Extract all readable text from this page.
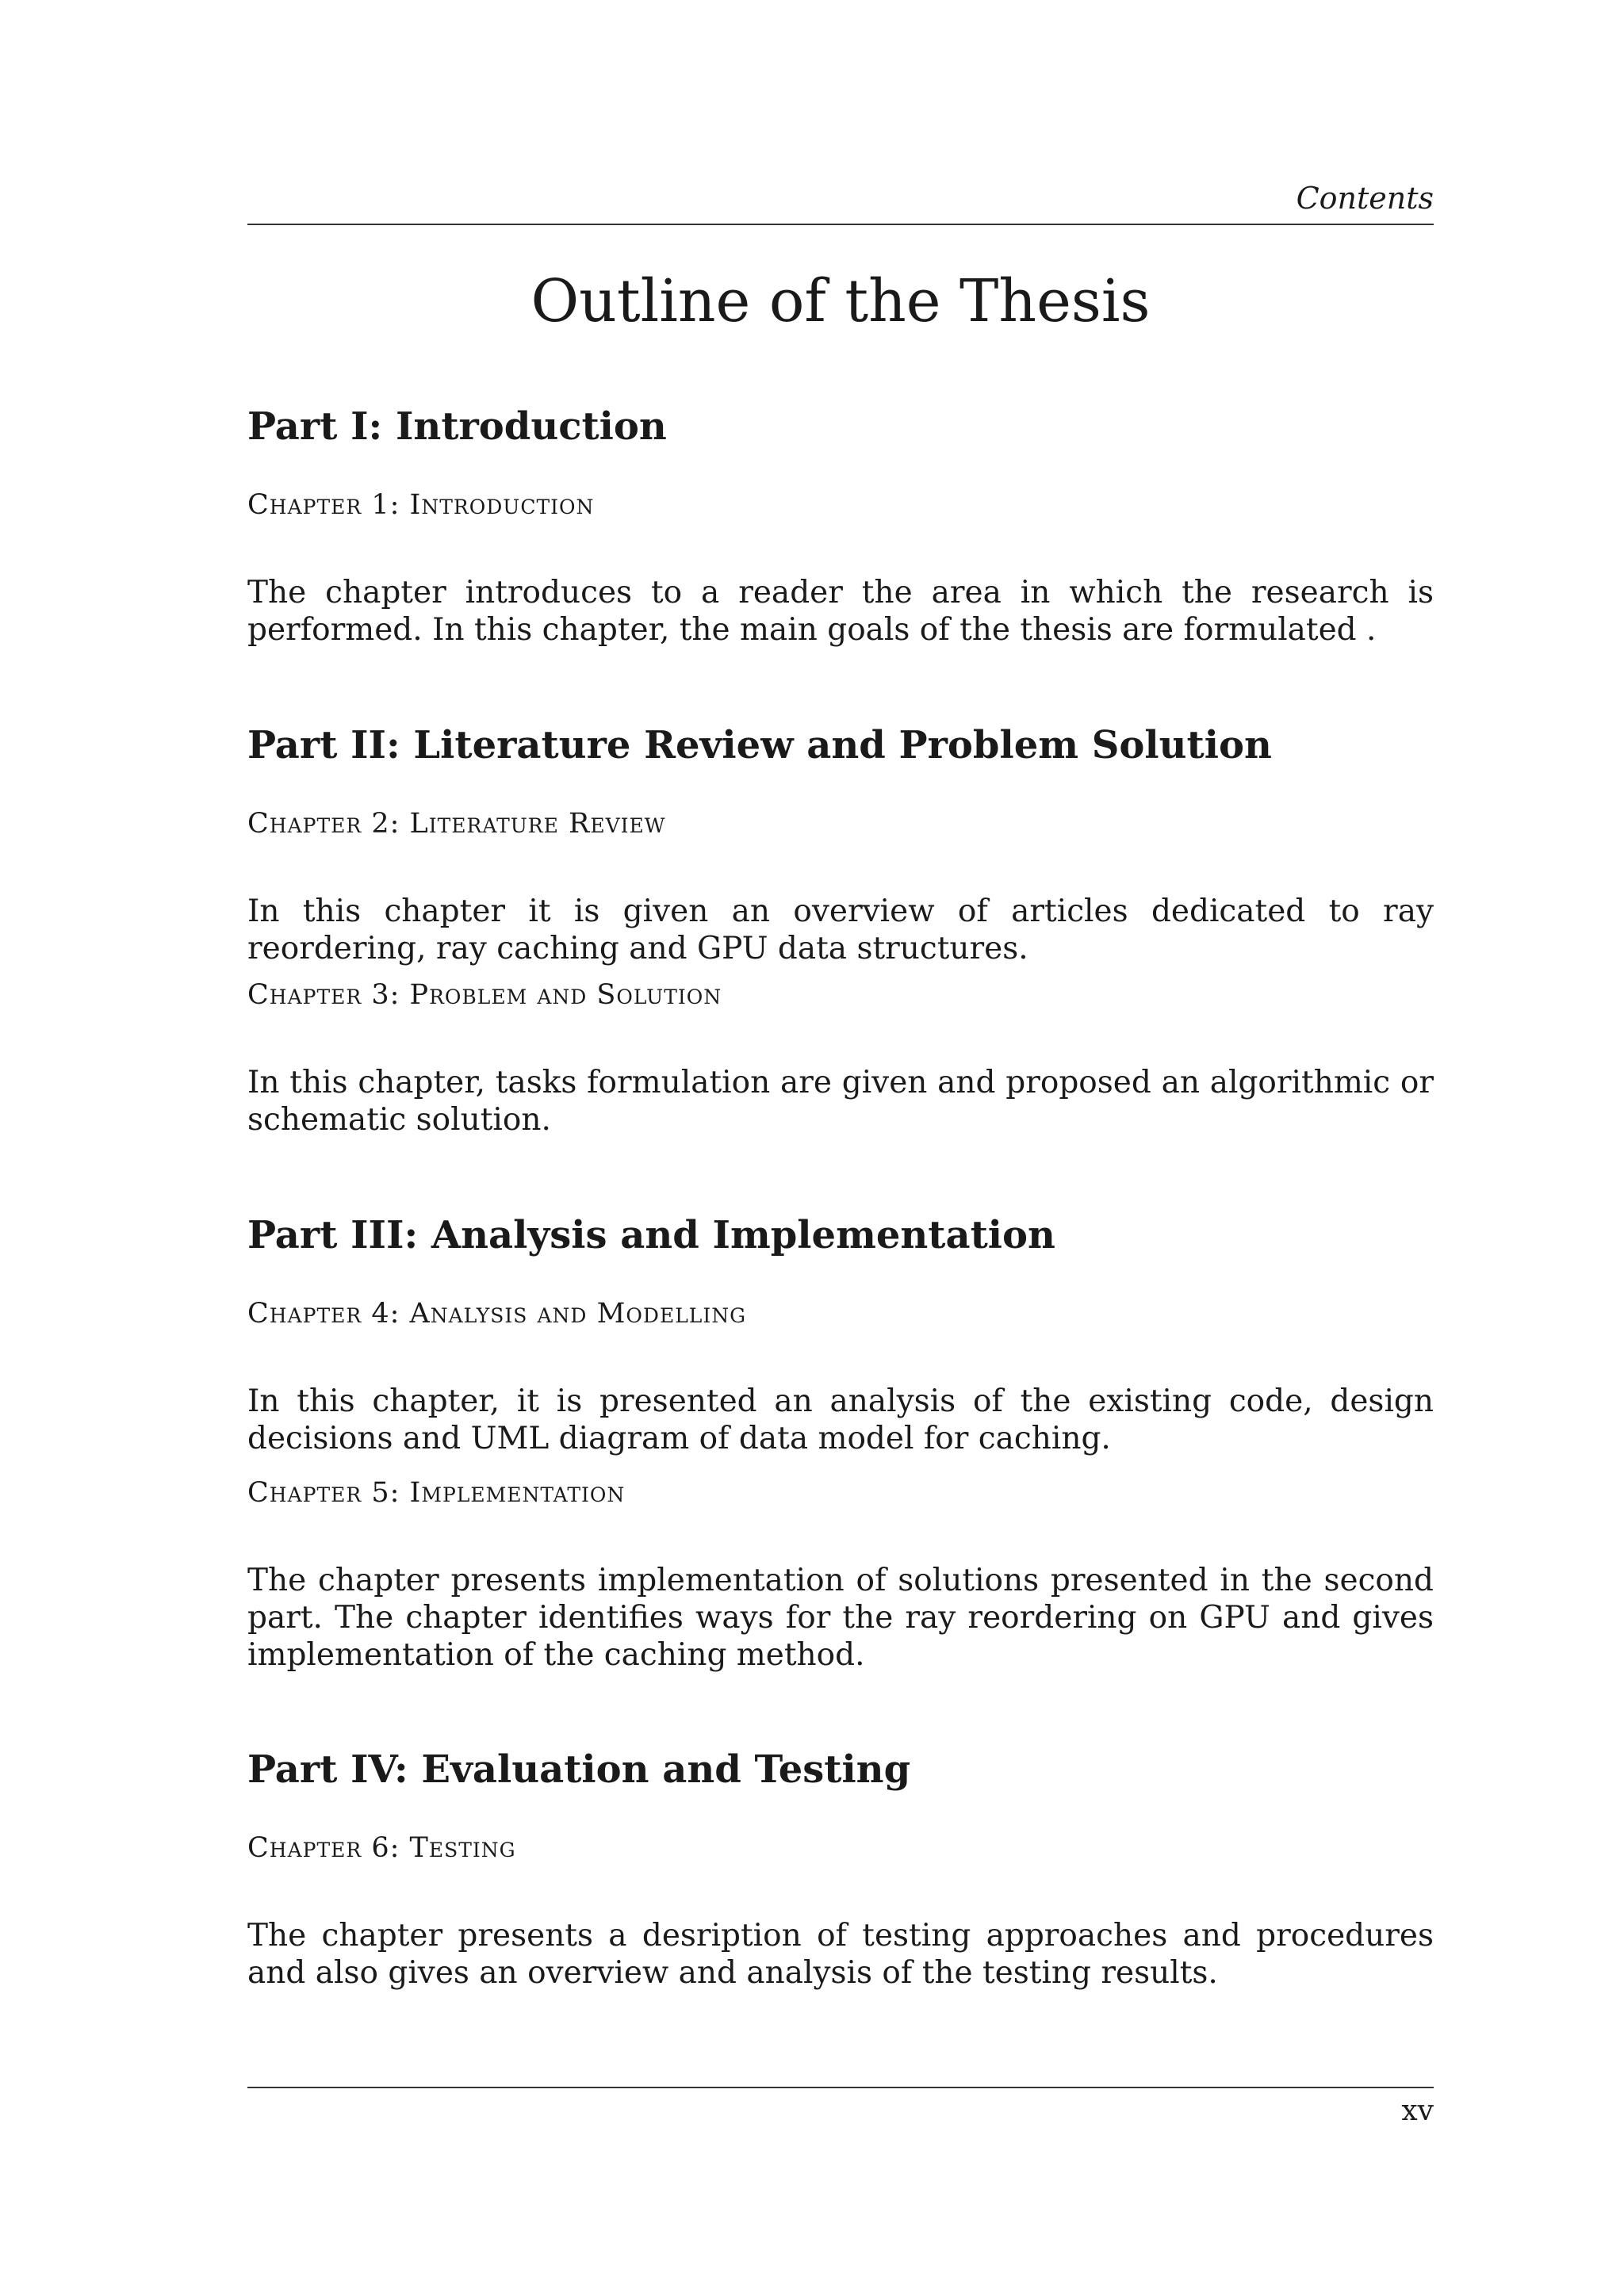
Contents
Outline of the Thesis
Part I: Introduction
Chapter 1: Introduction

The chapter introduces to a reader the area in which the research is performed. In this chapter, the main goals of the thesis are formulated .

Part II: Literature Review and Problem Solution
Chapter 2: Literature Review

In this chapter it is given an overview of articles dedicated to ray reordering, ray caching and GPU data structures.

Chapter 3: Problem and Solution

In this chapter, tasks formulation are given and proposed an algorithmic or schematic solution.

Part III: Analysis and Implementation
Chapter 4: Analysis and Modelling

In this chapter, it is presented an analysis of the existing code, design decisions and UML diagram of data model for caching.

Chapter 5: Implementation

The chapter presents implementation of solutions presented in the second part. The chapter identifies ways for the ray reordering on GPU and gives implementation of the caching method.

Part IV: Evaluation and Testing
Chapter 6: Testing

The chapter presents a desription of testing approaches and procedures and also gives an overview and analysis of the testing results.

xv
